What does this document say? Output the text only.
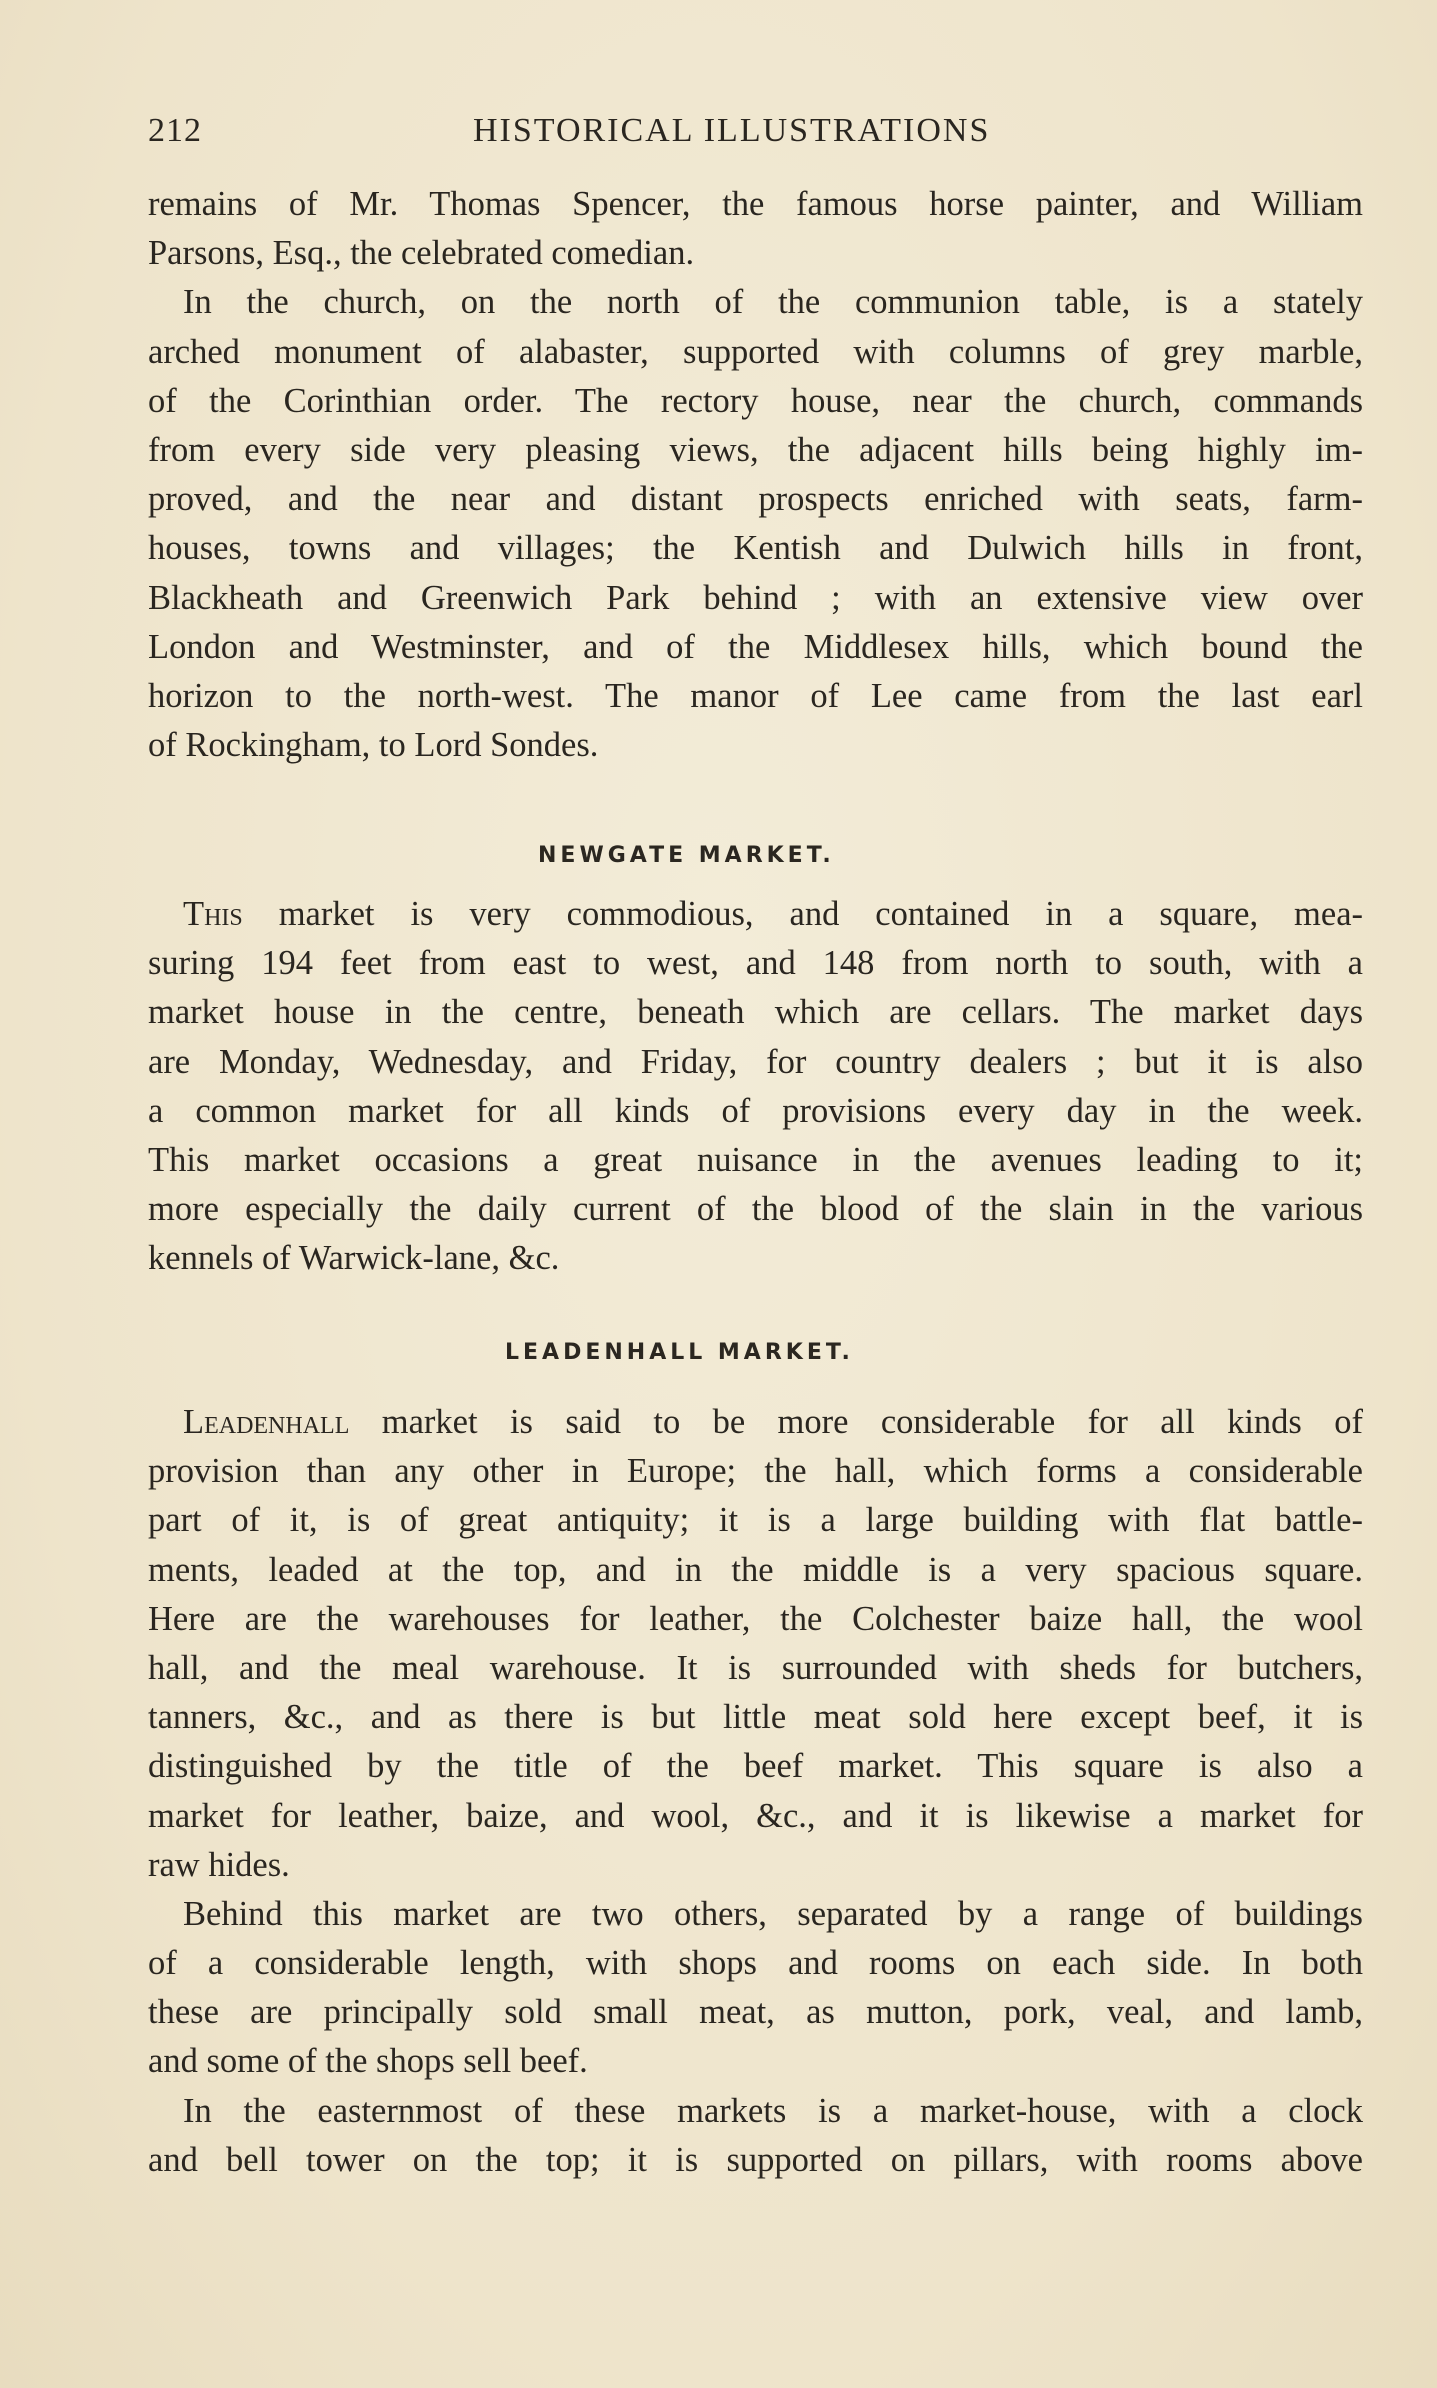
212	HISTORICAL ILLUSTRATIONS
remains of Mr. Thomas Spencer, the famous horse painter, and William
Parsons, Esq., the celebrated comedian.
In the church, on the north of the communion table, is a stately
arched monument of alabaster, supported with columns of grey marble,
of the Corinthian order. The rectory house, near the church, commands
from every side very pleasing views, the adjacent hills being highly im-
proved, and the near and distant prospects enriched with seats, farm-
houses, towns and villages; the Kentish and Dulwich hills in front,
Blackheath and Greenwich Park behind ; with an extensive view over
London and Westminster, and of the Middlesex hills, which bound the
horizon to the north-west. The manor of Lee came from the last earl
of Rockingham, to Lord Sondes.
NEWGATE MARKET.
This market is very commodious, and contained in a square, mea-
suring 194 feet from east to west, and 148 from north to south, with a
market house in the centre, beneath which are cellars. The market days
are Monday, Wednesday, and Friday, for country dealers ; but it is also
a common market for all kinds of provisions every day in the week.
This market occasions a great nuisance in the avenues leading to it;
more especially the daily current of the blood of the slain in the various
kennels of Warwick-lane, &c.
LEADENHALL MARKET.
Leadenhall market is said to be more considerable for all kinds of
provision than any other in Europe; the hall, which forms a considerable
part of it, is of great antiquity; it is a large building with flat battle-
ments, leaded at the top, and in the middle is a very spacious square.
Here are the warehouses for leather, the Colchester baize hall, the wool
hall, and the meal warehouse. It is surrounded with sheds for butchers,
tanners, &c., and as there is but little meat sold here except beef, it is
distinguished by the title of the beef market. This square is also a
market for leather, baize, and wool, &c., and it is likewise a market for
raw hides.
Behind this market are two others, separated by a range of buildings
of a considerable length, with shops and rooms on each side. In both
these are principally sold small meat, as mutton, pork, veal, and lamb,
and some of the shops sell beef.
In the easternmost of these markets is a market-house, with a clock
and bell tower on the top; it is supported on pillars, with rooms above
